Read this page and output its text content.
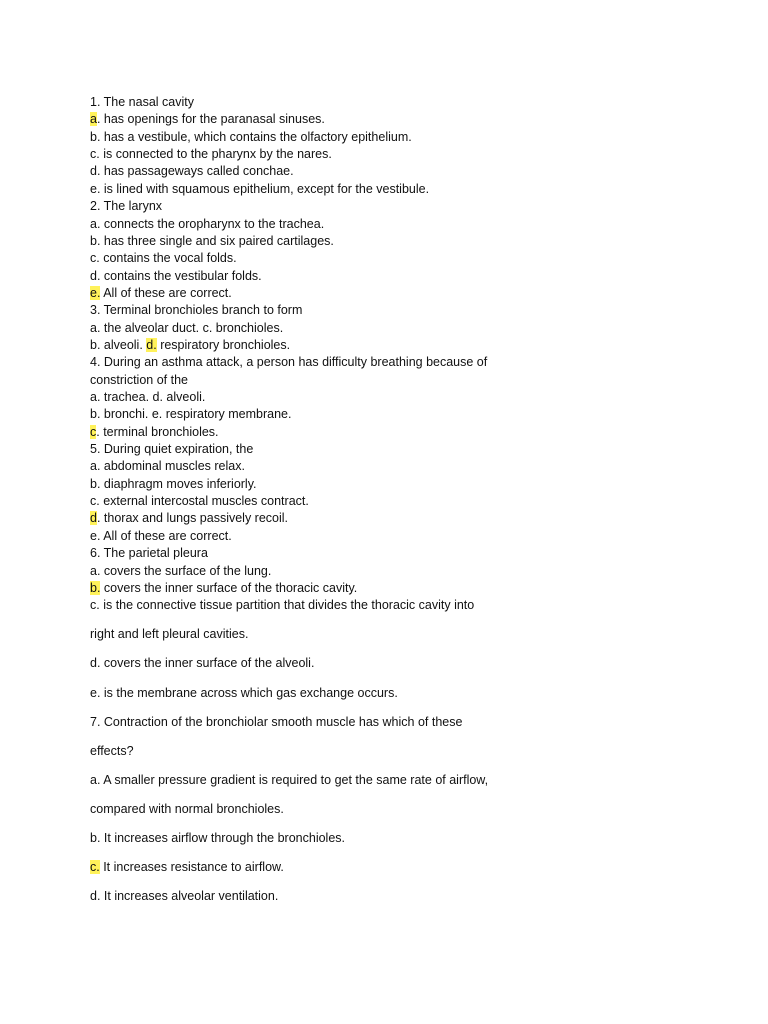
1. The nasal cavity
a. has openings for the paranasal sinuses.
b. has a vestibule, which contains the olfactory epithelium.
c. is connected to the pharynx by the nares.
d. has passageways called conchae.
e. is lined with squamous epithelium, except for the vestibule.
2. The larynx
a. connects the oropharynx to the trachea.
b. has three single and six paired cartilages.
c. contains the vocal folds.
d. contains the vestibular folds.
e. All of these are correct.
3. Terminal bronchioles branch to form
a. the alveolar duct. c. bronchioles.
b. alveoli. d. respiratory bronchioles.
4. During an asthma attack, a person has difficulty breathing because of
constriction of the
a. trachea. d. alveoli.
b. bronchi. e. respiratory membrane.
c. terminal bronchioles.
5. During quiet expiration, the
a. abdominal muscles relax.
b. diaphragm moves inferiorly.
c. external intercostal muscles contract.
d. thorax and lungs passively recoil.
e. All of these are correct.
6. The parietal pleura
a. covers the surface of the lung.
b. covers the inner surface of the thoracic cavity.
c. is the connective tissue partition that divides the thoracic cavity into
right and left pleural cavities.
d. covers the inner surface of the alveoli.
e. is the membrane across which gas exchange occurs.
7. Contraction of the bronchiolar smooth muscle has which of these
effects?
a. A smaller pressure gradient is required to get the same rate of airflow,
compared with normal bronchioles.
b. It increases airflow through the bronchioles.
c. It increases resistance to airflow.
d. It increases alveolar ventilation.
